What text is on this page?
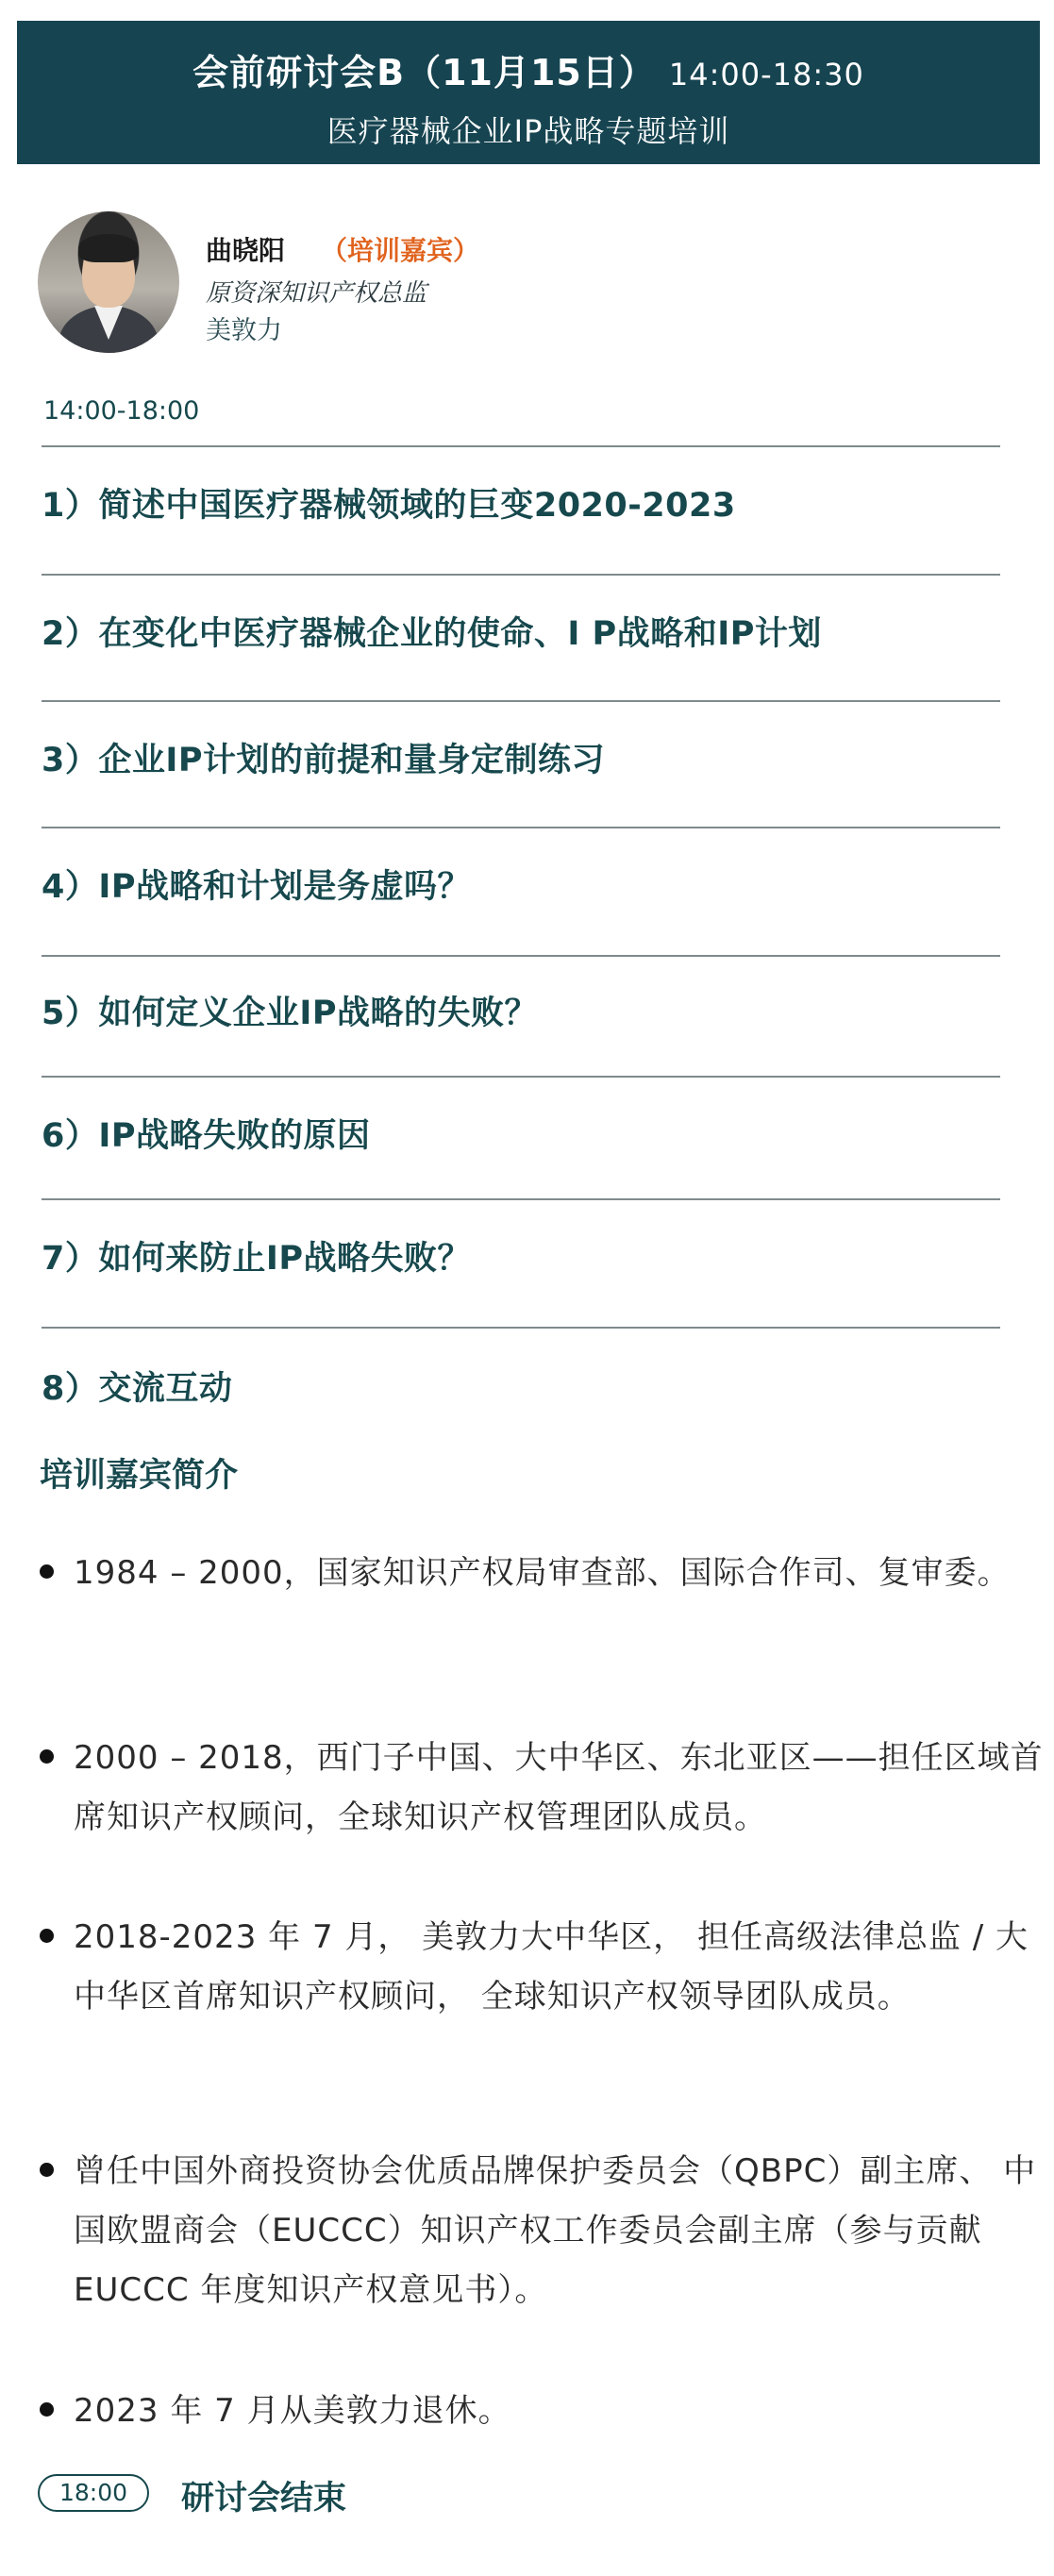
会前研讨会B（11月15日） 14:00-18:30
医疗器械企业IP战略专题培训
曲晓阳 （培训嘉宾）
原资深知识产权总监
美敦力
14:00-18:00
1）简述中国医疗器械领域的巨变2020-2023
2）在变化中医疗器械企业的使命、I P战略和IP计划
3）企业IP计划的前提和量身定制练习
4）IP战略和计划是务虚吗？
5）如何定义企业IP战略的失败？
6）IP战略失败的原因
7）如何来防止IP战略失败？
8）交流互动
培训嘉宾简介
1984 – 2000，国家知识产权局审查部、国际合作司、复审委。
2000 – 2018，西门子中国、大中华区、东北亚区——担任区域首席知识产权顾问，全球知识产权管理团队成员。
2018-2023 年 7 月， 美敦力大中华区， 担任高级法律总监 / 大中华区首席知识产权顾问， 全球知识产权领导团队成员。
曾任中国外商投资协会优质品牌保护委员会（QBPC）副主席、 中国欧盟商会（EUCCC）知识产权工作委员会副主席（参与贡献 EUCCC 年度知识产权意见书）。
2023 年 7 月从美敦力退休。
18:00	研讨会结束
